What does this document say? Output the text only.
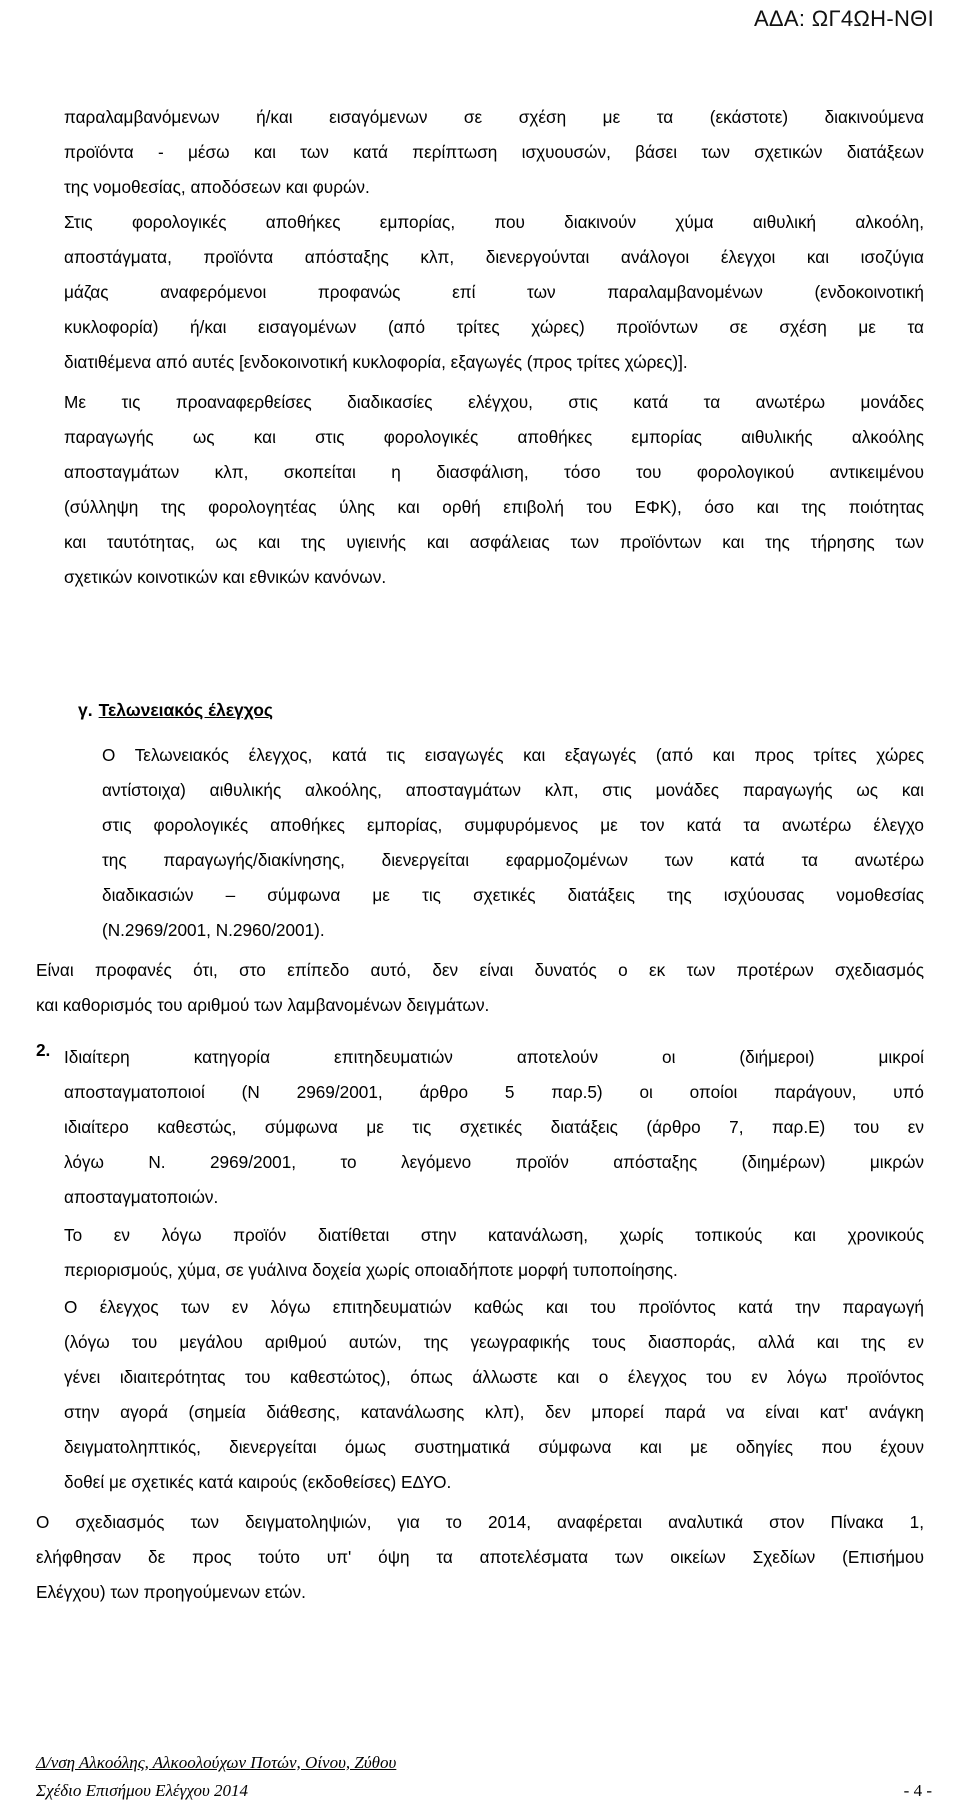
ΑΔΑ: ΩΓ4ΩΗ-ΝΘΙ
παραλαμβανόμενων ή/και εισαγόμενων σε σχέση με τα (εκάστοτε) διακινούμενα
προϊόντα - μέσω και των κατά περίπτωση ισχυουσών, βάσει των σχετικών διατάξεων
της νομοθεσίας, αποδόσεων και φυρών.
Στις φορολογικές αποθήκες εμπορίας, που διακινούν χύμα αιθυλική αλκοόλη,
αποστάγματα, προϊόντα απόσταξης κλπ, διενεργούνται ανάλογοι έλεγχοι και ισοζύγια
μάζας αναφερόμενοι προφανώς επί των παραλαμβανομένων (ενδοκοινοτική
κυκλοφορία) ή/και εισαγομένων (από τρίτες χώρες) προϊόντων σε σχέση με τα
διατιθέμενα από αυτές [ενδοκοινοτική κυκλοφορία, εξαγωγές (προς τρίτες χώρες)].
Με τις προαναφερθείσες διαδικασίες ελέγχου, στις κατά τα ανωτέρω μονάδες
παραγωγής ως και στις φορολογικές αποθήκες εμπορίας αιθυλικής αλκοόλης
αποσταγμάτων κλπ, σκοπείται η διασφάλιση, τόσο του φορολογικού αντικειμένου
(σύλληψη της φορολογητέας ύλης και ορθή επιβολή του ΕΦΚ), όσο και της ποιότητας
και ταυτότητας, ως και της υγιεινής και ασφάλειας των προϊόντων και της τήρησης των
σχετικών κοινοτικών και εθνικών κανόνων.
γ. Τελωνειακός έλεγχος
Ο Τελωνειακός έλεγχος, κατά τις εισαγωγές και εξαγωγές (από και προς τρίτες χώρες
αντίστοιχα) αιθυλικής αλκοόλης, αποσταγμάτων κλπ, στις μονάδες παραγωγής ως και
στις φορολογικές αποθήκες εμπορίας, συμφυρόμενος με τον κατά τα ανωτέρω έλεγχο
της παραγωγής/διακίνησης, διενεργείται εφαρμοζομένων των κατά τα ανωτέρω
διαδικασιών – σύμφωνα με τις σχετικές διατάξεις της ισχύουσας νομοθεσίας
(Ν.2969/2001, Ν.2960/2001).
Είναι προφανές ότι, στο επίπεδο αυτό, δεν είναι δυνατός ο εκ των προτέρων σχεδιασμός
και καθορισμός του αριθμού των λαμβανομένων δειγμάτων.
2. Ιδιαίτερη κατηγορία επιτηδευματιών αποτελούν οι (διήμεροι) μικροί
αποσταγματοποιοί (Ν 2969/2001, άρθρο 5 παρ.5) οι οποίοι παράγουν, υπό
ιδιαίτερο καθεστώς, σύμφωνα με τις σχετικές διατάξεις (άρθρο 7, παρ.Ε) του εν
λόγω Ν. 2969/2001, το λεγόμενο προϊόν απόσταξης (διημέρων) μικρών
αποσταγματοποιών.
Το εν λόγω προϊόν διατίθεται στην κατανάλωση, χωρίς τοπικούς και χρονικούς
περιορισμούς, χύμα, σε γυάλινα δοχεία χωρίς οποιαδήποτε μορφή τυποποίησης.
Ο έλεγχος των εν λόγω επιτηδευματιών καθώς και του προϊόντος κατά την παραγωγή
(λόγω του μεγάλου αριθμού αυτών, της γεωγραφικής τους διασποράς, αλλά και της εν
γένει ιδιαιτερότητας του καθεστώτος), όπως άλλωστε και ο έλεγχος του εν λόγω προϊόντος
στην αγορά (σημεία διάθεσης, κατανάλωσης κλπ), δεν μπορεί παρά να είναι κατ' ανάγκη
δειγματοληπτικός, διενεργείται όμως συστηματικά σύμφωνα και με οδηγίες που έχουν
δοθεί με σχετικές κατά καιρούς (εκδοθείσες) ΕΔΥΟ.
Ο σχεδιασμός των δειγματοληψιών, για το 2014, αναφέρεται αναλυτικά στον Πίνακα 1,
ελήφθησαν δε προς τούτο υπ' όψη τα αποτελέσματα των οικείων Σχεδίων (Επισήμου
Ελέγχου) των προηγούμενων ετών.
Δ/νση Αλκοόλης, Αλκοολούχων Ποτών, Οίνου, Ζύθου
Σχέδιο Επισήμου Ελέγχου 2014	- 4 -
